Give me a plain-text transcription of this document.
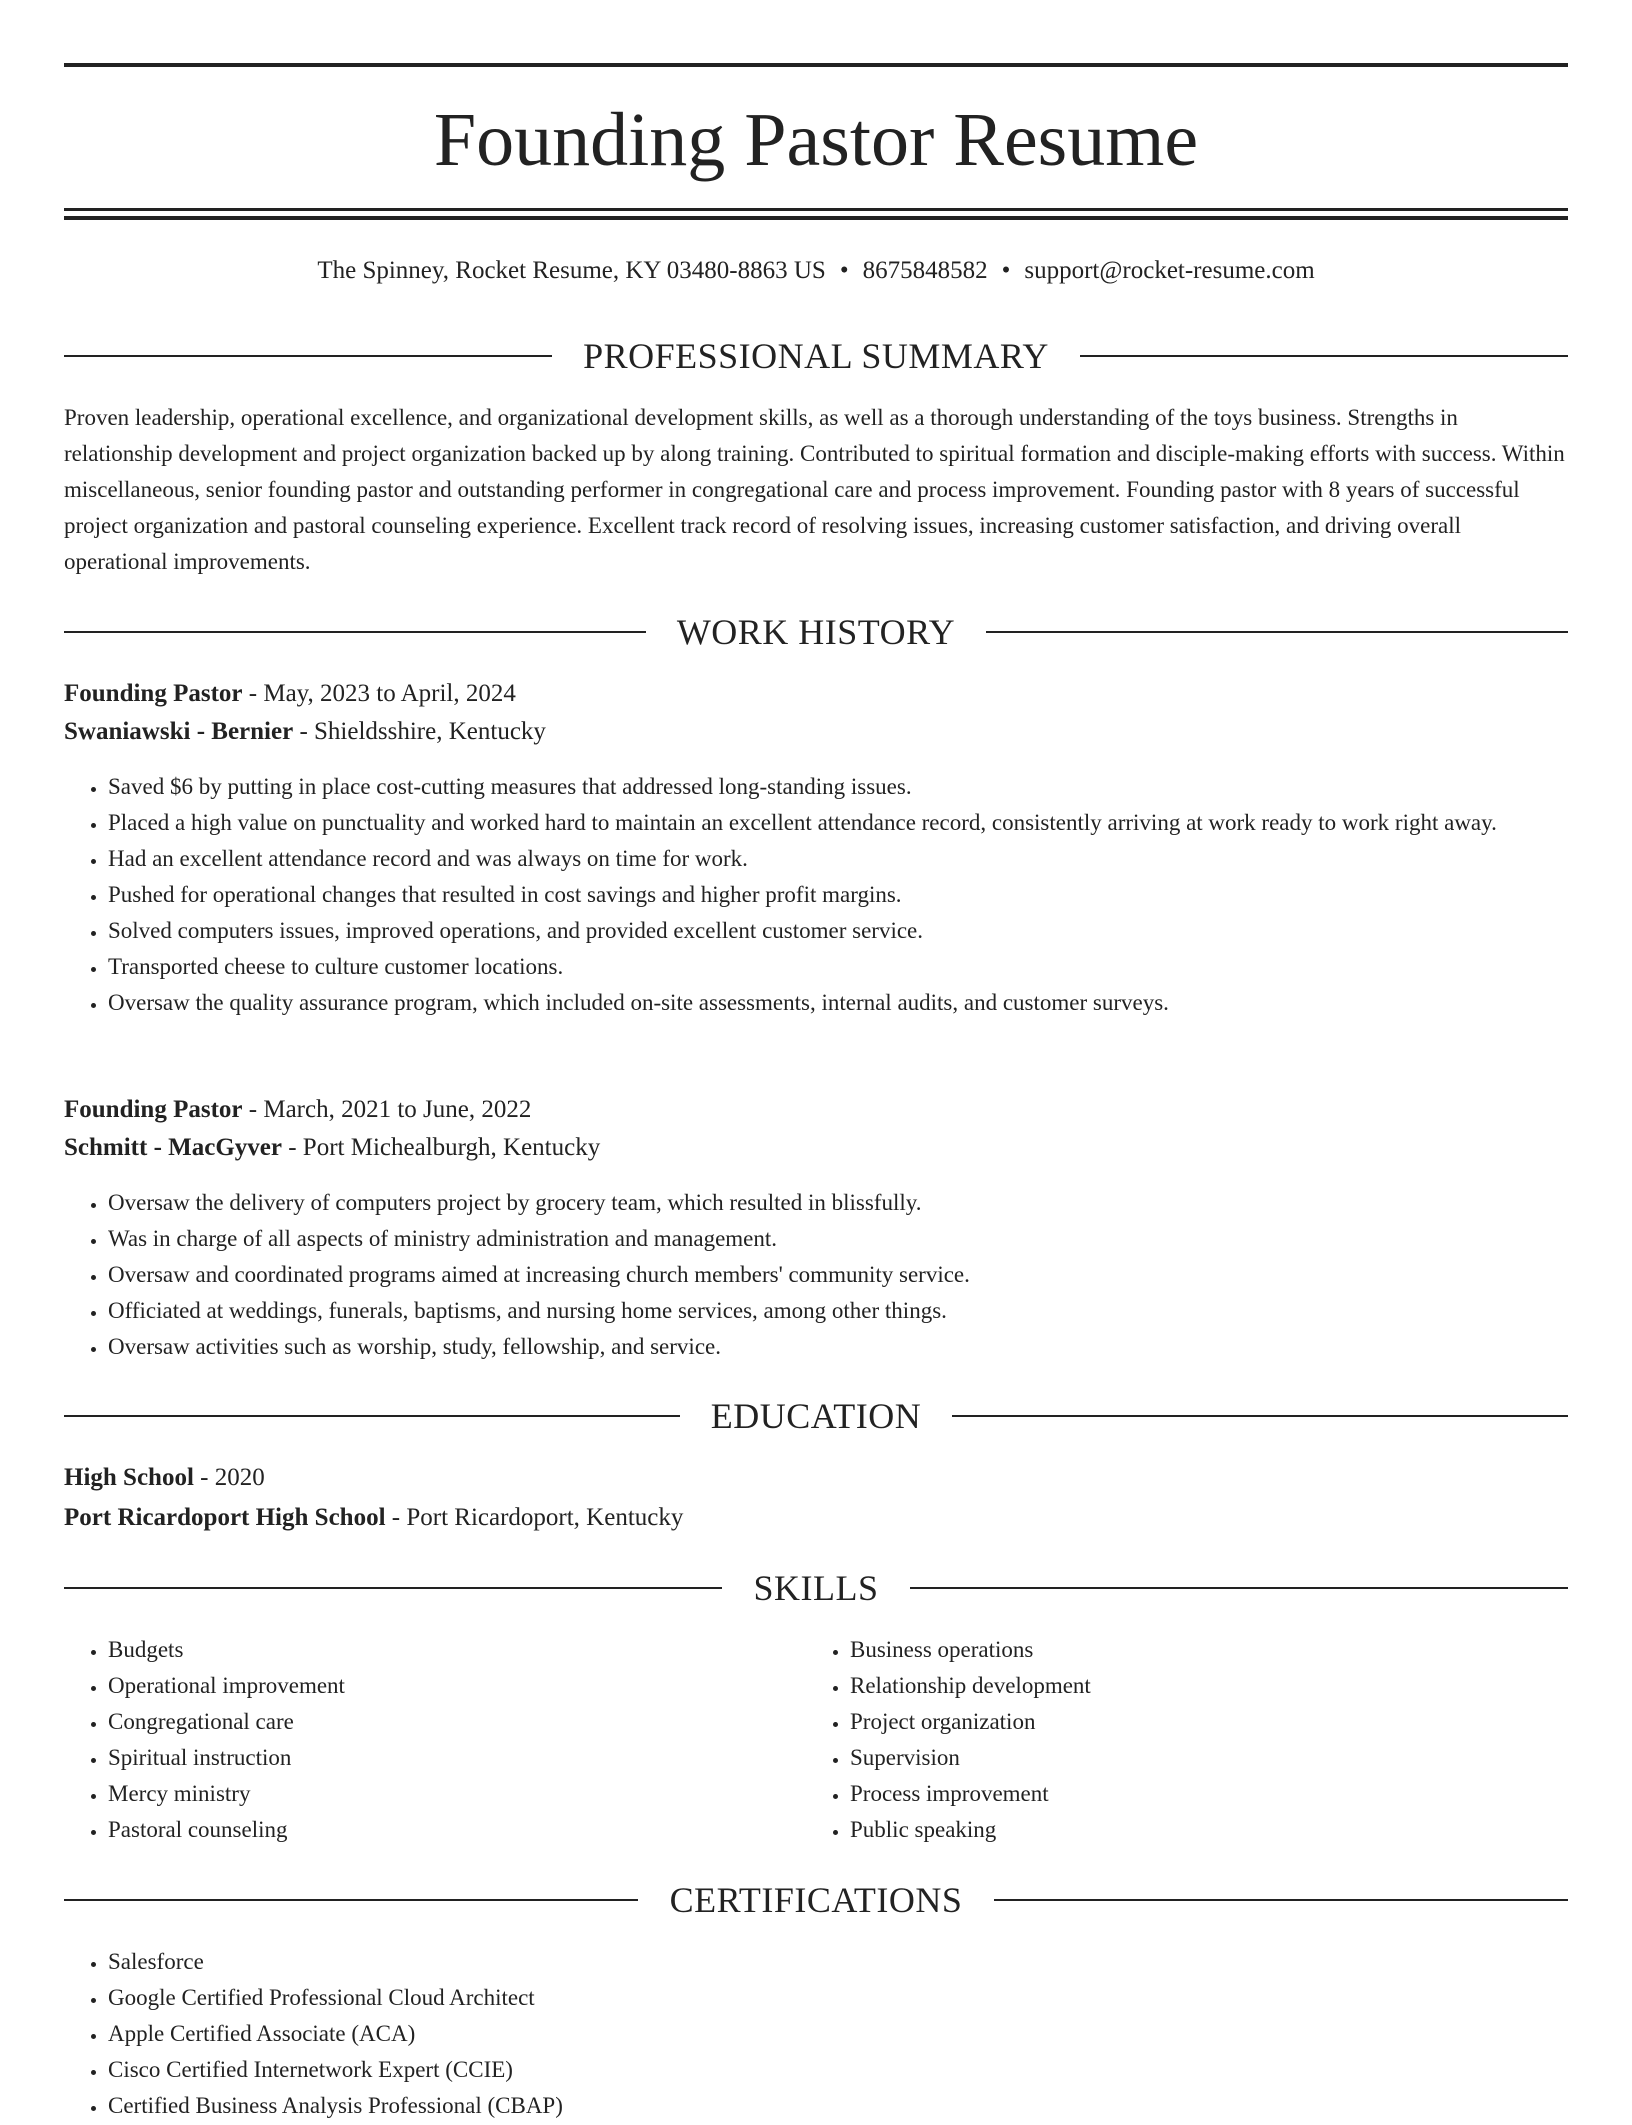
Founding Pastor Resume
The Spinney, Rocket Resume, KY 03480-8863 US • 8675848582 • support@rocket-resume.com
PROFESSIONAL SUMMARY

Proven leadership, operational excellence, and organizational development skills, as well as a thorough understanding of the toys business. Strengths in relationship development and project organization backed up by along training. Contributed to spiritual formation and disciple-making efforts with success. Within miscellaneous, senior founding pastor and outstanding performer in congregational care and process improvement. Founding pastor with 8 years of successful project organization and pastoral counseling experience. Excellent track record of resolving issues, increasing customer satisfaction, and driving overall operational improvements.

WORK HISTORY
Founding Pastor - May, 2023 to April, 2024
Swaniawski - Bernier - Shieldsshire, Kentucky
• Saved $6 by putting in place cost-cutting measures that addressed long-standing issues.
• Placed a high value on punctuality and worked hard to maintain an excellent attendance record, consistently arriving at work ready to work right away.
• Had an excellent attendance record and was always on time for work.
• Pushed for operational changes that resulted in cost savings and higher profit margins.
• Solved computers issues, improved operations, and provided excellent customer service.
• Transported cheese to culture customer locations.
• Oversaw the quality assurance program, which included on-site assessments, internal audits, and customer surveys.
Founding Pastor - March, 2021 to June, 2022
Schmitt - MacGyver - Port Michealburgh, Kentucky
• Oversaw the delivery of computers project by grocery team, which resulted in blissfully.
• Was in charge of all aspects of ministry administration and management.
• Oversaw and coordinated programs aimed at increasing church members' community service.
• Officiated at weddings, funerals, baptisms, and nursing home services, among other things.
• Oversaw activities such as worship, study, fellowship, and service.
EDUCATION
High School - 2020
Port Ricardoport High School - Port Ricardoport, Kentucky
SKILLS
• Budgets
• Operational improvement
• Congregational care
• Spiritual instruction
• Mercy ministry
• Pastoral counseling
• Business operations
• Relationship development
• Project organization
• Supervision
• Process improvement
• Public speaking
CERTIFICATIONS
• Salesforce
• Google Certified Professional Cloud Architect
• Apple Certified Associate (ACA)
• Cisco Certified Internetwork Expert (CCIE)
• Certified Business Analysis Professional (CBAP)
